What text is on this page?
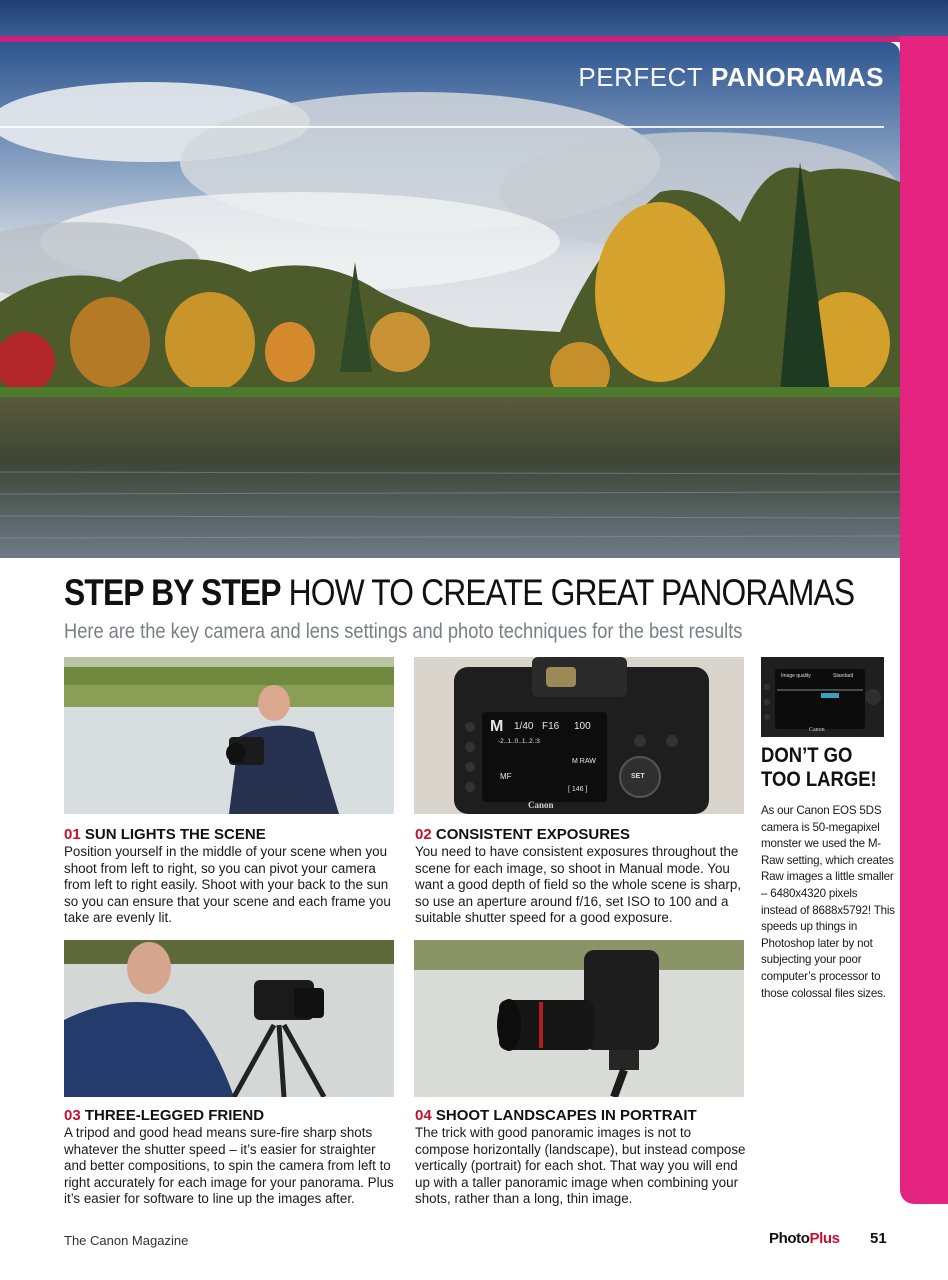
PERFECT PANORAMAS
STEP BY STEP HOW TO CREATE GREAT PANORAMAS
Here are the key camera and lens settings and photo techniques for the best results
M 1/40 F16 100
-2..1..0..1..2.:3
M RAW
MF
[ 146 ]
Canon
SET
Image quality	Standard
Canon
01 SUN LIGHTS THE SCENE
Position yourself in the middle of your scene when you shoot from left to right, so you can pivot your camera from left to right easily. Shoot with your back to the sun so you can ensure that your scene and each frame you take are evenly lit.
02 CONSISTENT EXPOSURES
You need to have consistent exposures throughout the scene for each image, so shoot in Manual mode. You want a good depth of field so the whole scene is sharp, so use an aperture around f/16, set ISO to 100 and a suitable shutter speed for a good exposure.
DON’T GO
TOO LARGE!
As our Canon EOS 5DS camera is 50-megapixel monster we used the M-Raw setting, which creates Raw images a little smaller – 6480x4320 pixels instead of 8688x5792! This speeds up things in Photoshop later by not subjecting your poor computer’s processor to those colossal files sizes.
03 THREE-LEGGED FRIEND
A tripod and good head means sure-fire sharp shots whatever the shutter speed – it’s easier for straighter and better compositions, to spin the camera from left to right accurately for each image for your panorama. Plus it’s easier for software to line up the images after.
04 SHOOT LANDSCAPES IN PORTRAIT
The trick with good panoramic images is not to compose horizontally (landscape), but instead compose vertically (portrait) for each shot. That way you will end up with a taller panoramic image when combining your shots, rather than a long, thin image.
The Canon Magazine	PhotoPlus 51
